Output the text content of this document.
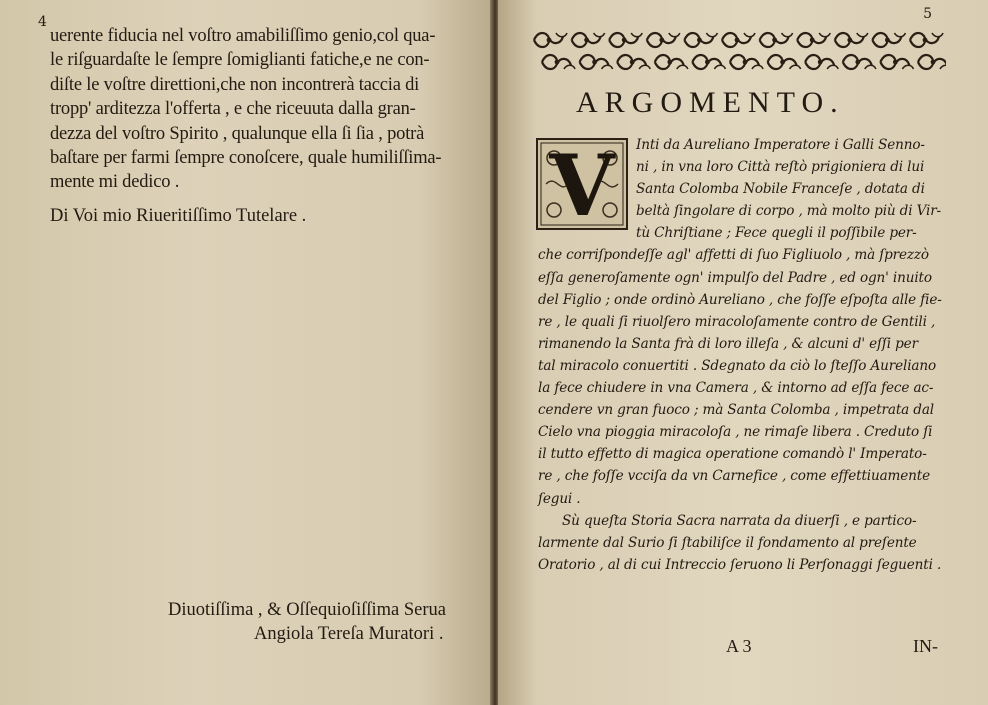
4
uerente fiducia nel voſtro amabiliſſimo genio,col qua-
le riſguardaſte le ſempre ſomiglianti fatiche,e ne con-
diſte le voſtre direttioni,che non incontrerà taccia di
tropp' arditezza l'offerta , e che riceuuta dalla gran-
dezza del voſtro Spirito , qualunque ella ſi ſia , potrà
baſtare per farmi ſempre conoſcere, quale humiliſſima-
mente mi dedico .
Di Voi mio Riueritiſſimo Tutelare .
Diuotiſſima , & Oſſequioſiſſima Serua
Angiola Tereſa Muratori .
5
ARGOMENTO.
V	Inti da Aureliano Imperatore i Galli Senno-
ni , in vna loro Città reſtò prigioniera di lui
Santa Colomba Nobile Franceſe , dotata di
beltà ſingolare di corpo , mà molto più di Vir-
tù Chriſtiane ; Fece quegli il poſſibile per-
che corriſpondeſſe agl' affetti di ſuo Figliuolo , mà ſprezzò
eſſa generoſamente ogn' impulſo del Padre , ed ogn' inuito
del Figlio ; onde ordinò Aureliano , che foſſe eſpoſta alle fie-
re , le quali ſi riuolſero miracoloſamente contro de Gentili ,
rimanendo la Santa frà di loro illeſa , & alcuni d' eſſi per
tal miracolo conuertiti . Sdegnato da ciò lo ſteſſo Aureliano
la fece chiudere in vna Camera , & intorno ad eſſa fece ac-
cendere vn gran fuoco ; mà Santa Colomba , impetrata dal
Cielo vna pioggia miracoloſa , ne rimaſe libera . Creduto ſi
il tutto effetto di magica operatione comandò l' Imperato-
re , che foſſe vcciſa da vn Carnefice , come effettiuamente
ſegui .
Sù queſta Storia Sacra narrata da diuerſi , e partico-
larmente dal Surio ſi ſtabiliſce il fondamento al preſente
Oratorio , al di cui Intreccio ſeruono li Perſonaggi ſeguenti .
A 3	IN-
